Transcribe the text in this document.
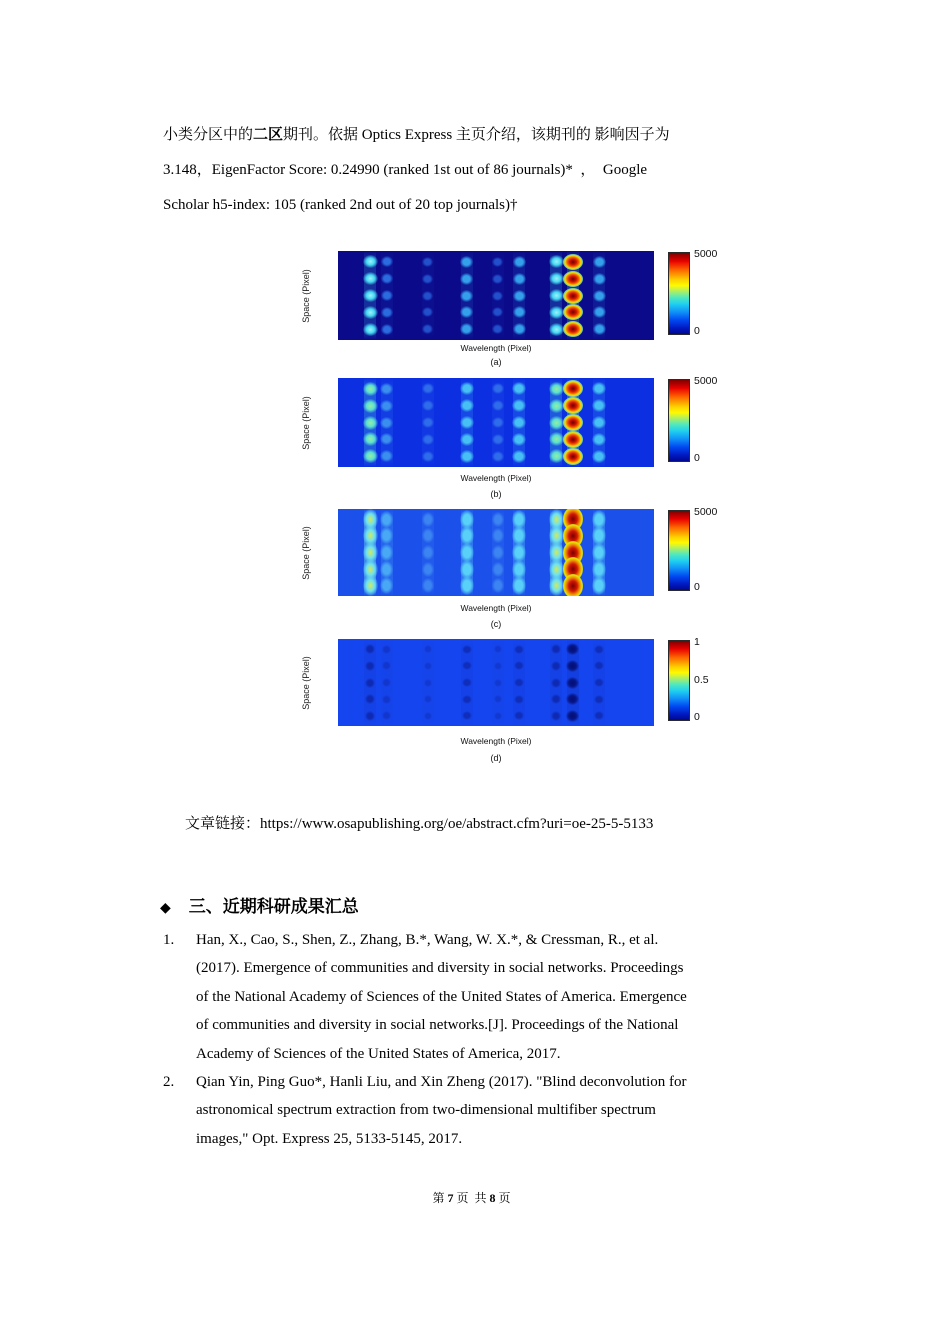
小类分区中的二区期刊。依据 Optics Express 主页介绍，该期刊的 影响因子为
3.148，EigenFactor Score: 0.24990 (ranked 1st out of 86 journals)*  ，  Google
Scholar h5-index: 105 (ranked 2nd out of 20 top journals)†
Space (Pixel)
Wavelength (Pixel)
(a)
5000
0
Space (Pixel)
Wavelength (Pixel)
(b)
5000
0
Space (Pixel)
Wavelength (Pixel)
(c)
5000
0
Space (Pixel)
Wavelength (Pixel)
(d)
1
0.5
0
文章链接：https://www.osapublishing.org/oe/abstract.cfm?uri=oe-25-5-5133
◆ 三、近期科研成果汇总
1.	Han, X., Cao, S., Shen, Z., Zhang, B.*, Wang, W. X.*, & Cressman, R., et al.
(2017). Emergence of communities and diversity in social networks. Proceedings
of the National Academy of Sciences of the United States of America. Emergence
of communities and diversity in social networks.[J]. Proceedings of the National
Academy of Sciences of the United States of America, 2017.
2.	Qian Yin, Ping Guo*, Hanli Liu, and Xin Zheng (2017). "Blind deconvolution for
astronomical spectrum extraction from two-dimensional multifiber spectrum
images," Opt. Express 25, 5133-5145, 2017.
第 7 页  共 8 页
